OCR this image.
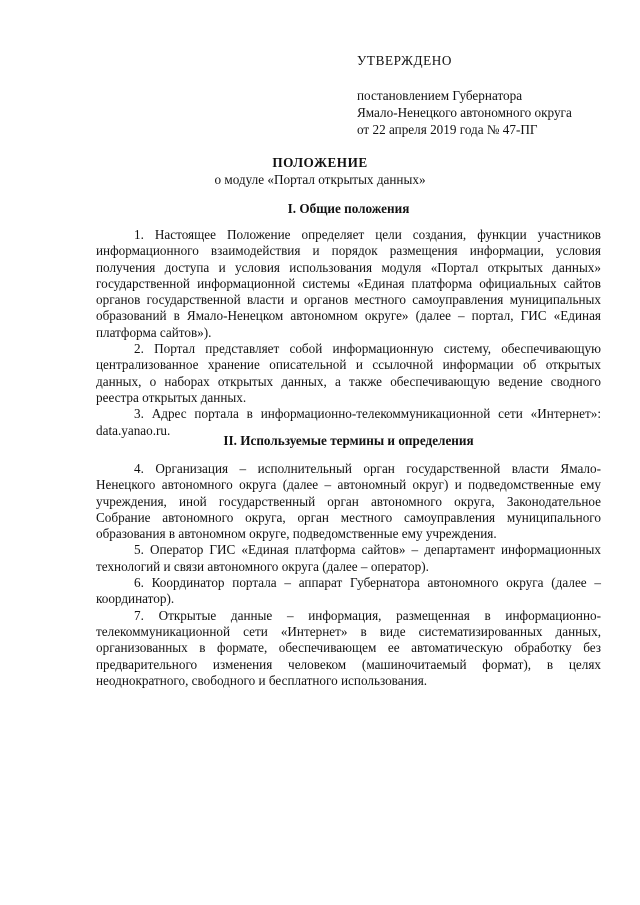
УТВЕРЖДЕНО
постановлением Губернатора
Ямало-Ненецкого автономного округа
от 22 апреля 2019 года № 47-ПГ
ПОЛОЖЕНИЕ
о модуле «Портал открытых данных»
I. Общие положения

1. Настоящее Положение определяет цели создания, функции участников информационного взаимодействия и порядок размещения информации, условия получения доступа и условия использования модуля «Портал открытых данных» государственной информационной системы «Единая платформа официальных сайтов органов государственной власти и органов местного самоуправления муниципальных образований в Ямало-Ненецком автономном округе» (далее – портал, ГИС «Единая платформа сайтов»).

2. Портал представляет собой информационную систему, обеспечивающую централизованное хранение описательной и ссылочной информации об открытых данных, о наборах открытых данных, а также обеспечивающую ведение сводного реестра открытых данных.

3. Адрес портала в информационно-телекоммуникационной сети «Интернет»: data.yanao.ru.

II. Используемые термины и определения

4. Организация – исполнительный орган государственной власти Ямало-Ненецкого автономного округа (далее – автономный округ) и подведомственные ему учреждения, иной государственный орган автономного округа, Законодательное Собрание автономного округа, орган местного самоуправления муниципального образования в автономном округе, подведомственные ему учреждения.

5. Оператор ГИС «Единая платформа сайтов» – департамент информационных технологий и связи автономного округа (далее – оператор).

6. Координатор портала – аппарат Губернатора автономного округа (далее – координатор).

7. Открытые данные – информация, размещенная в информационно-телекоммуникационной сети «Интернет» в виде систематизированных данных, организованных в формате, обеспечивающем ее автоматическую обработку без предварительного изменения человеком (машиночитаемый формат), в целях неоднократного, свободного и бесплатного использования.
